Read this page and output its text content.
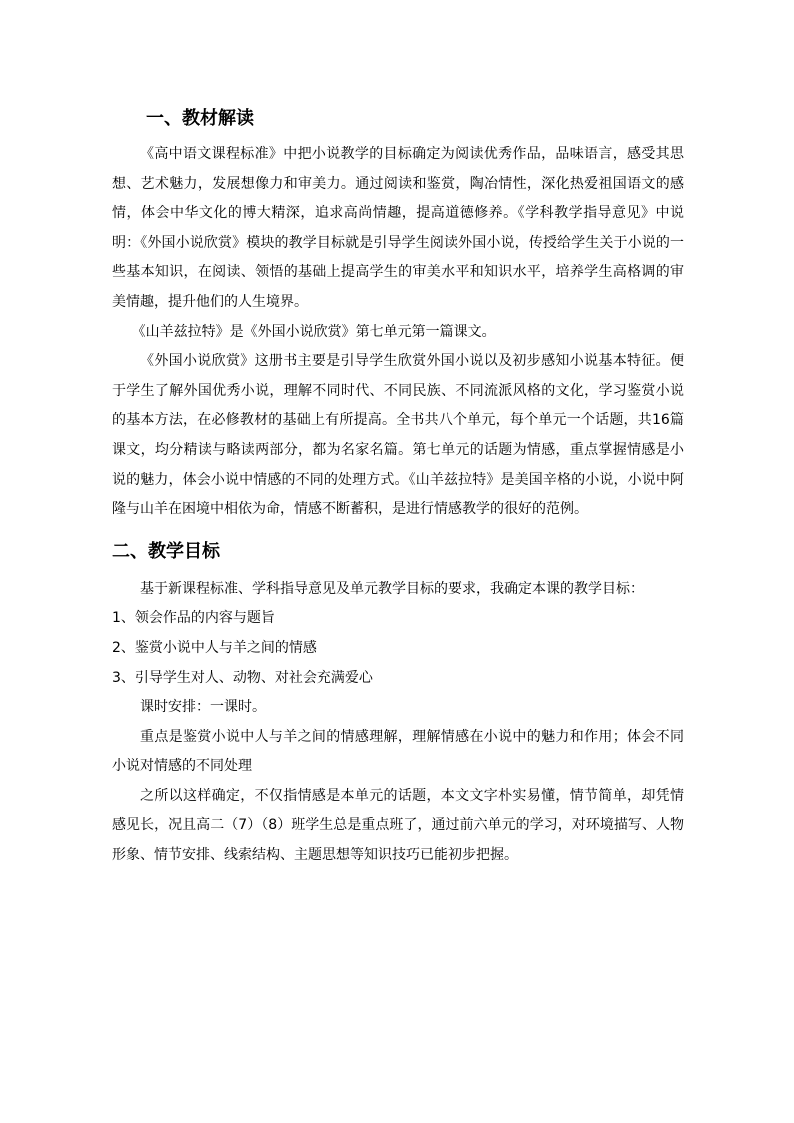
一、教材解读

《高中语文课程标准》中把小说教学的目标确定为阅读优秀作品，品味语言，感受其思想、艺术魅力，发展想像力和审美力。通过阅读和鉴赏，陶冶情性，深化热爱祖国语文的感情，体会中华文化的博大精深，追求高尚情趣，提高道德修养。《学科教学指导意见》中说明：《外国小说欣赏》模块的教学目标就是引导学生阅读外国小说，传授给学生关于小说的一些基本知识，在阅读、领悟的基础上提高学生的审美水平和知识水平，培养学生高格调的审美情趣，提升他们的人生境界。

《山羊兹拉特》是《外国小说欣赏》第七单元第一篇课文。

《外国小说欣赏》这册书主要是引导学生欣赏外国小说以及初步感知小说基本特征。便于学生了解外国优秀小说，理解不同时代、不同民族、不同流派风格的文化，学习鉴赏小说的基本方法，在必修教材的基础上有所提高。全书共八个单元，每个单元一个话题，共16篇课文，均分精读与略读两部分，都为名家名篇。第七单元的话题为情感，重点掌握情感是小说的魅力，体会小说中情感的不同的处理方式。《山羊兹拉特》是美国辛格的小说，小说中阿隆与山羊在困境中相依为命，情感不断蓄积，是进行情感教学的很好的范例。

二、教学目标

基于新课程标准、学科指导意见及单元教学目标的要求，我确定本课的教学目标：

1、领会作品的内容与题旨

2、鉴赏小说中人与羊之间的情感

3、引导学生对人、动物、对社会充满爱心

课时安排：一课时。

重点是鉴赏小说中人与羊之间的情感理解，理解情感在小说中的魅力和作用；体会不同小说对情感的不同处理

之所以这样确定，不仅指情感是本单元的话题，本文文字朴实易懂，情节简单，却凭情感见长，况且高二（7）（8）班学生总是重点班了，通过前六单元的学习，对环境描写、人物形象、情节安排、线索结构、主题思想等知识技巧已能初步把握。
